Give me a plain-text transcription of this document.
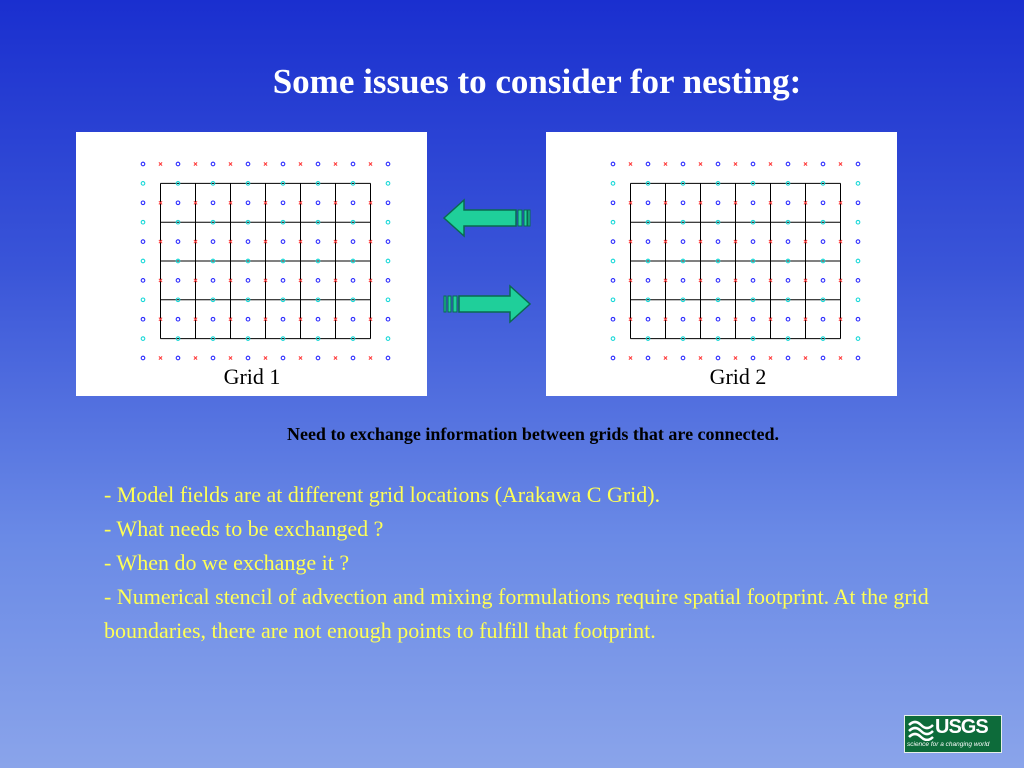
Some issues to consider for nesting:
Grid 1	Grid 2
Need to exchange information between grids that are connected.

- Model fields are at different grid locations (Arakawa C Grid).

- What needs to be exchanged ?

- When do we exchange it ?

- Numerical stencil of advection and mixing formulations require spatial footprint. At the grid boundaries, there are not enough points to fulfill that footprint.

USGS
science for a changing world
